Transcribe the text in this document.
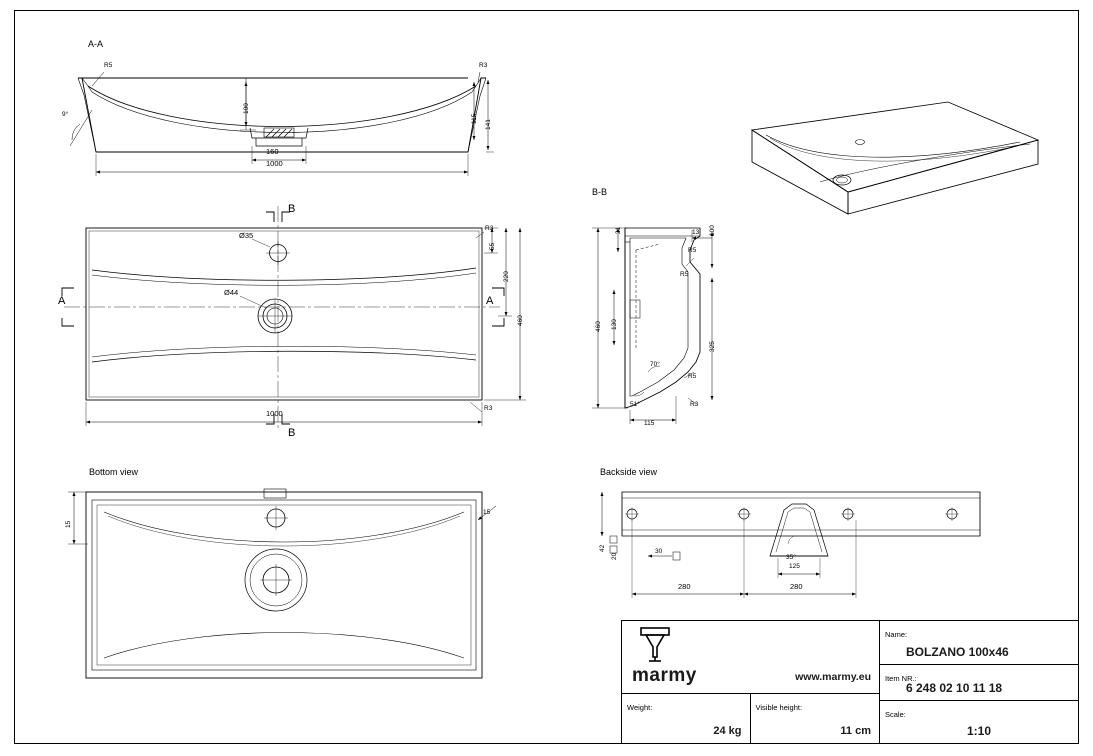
A-A
R5	R3
9°
100
115
141
160
1000
Ø35
Ø44
55
220
460
1000
R3
R3
A	A
B
B
B-B
13
21	100
R5
R5
460 130
325
70°
R5
51°	R3
115
Bottom view
15
15
Backside view
42
20
30
35°
125
280	280
marmy	www.marmy.eu
Weight:
24 kg
Visible height:
11 cm
Name:
BOLZANO 100x46
Item NR.:
6 248 02 10 11 18
Scale:
1:10
